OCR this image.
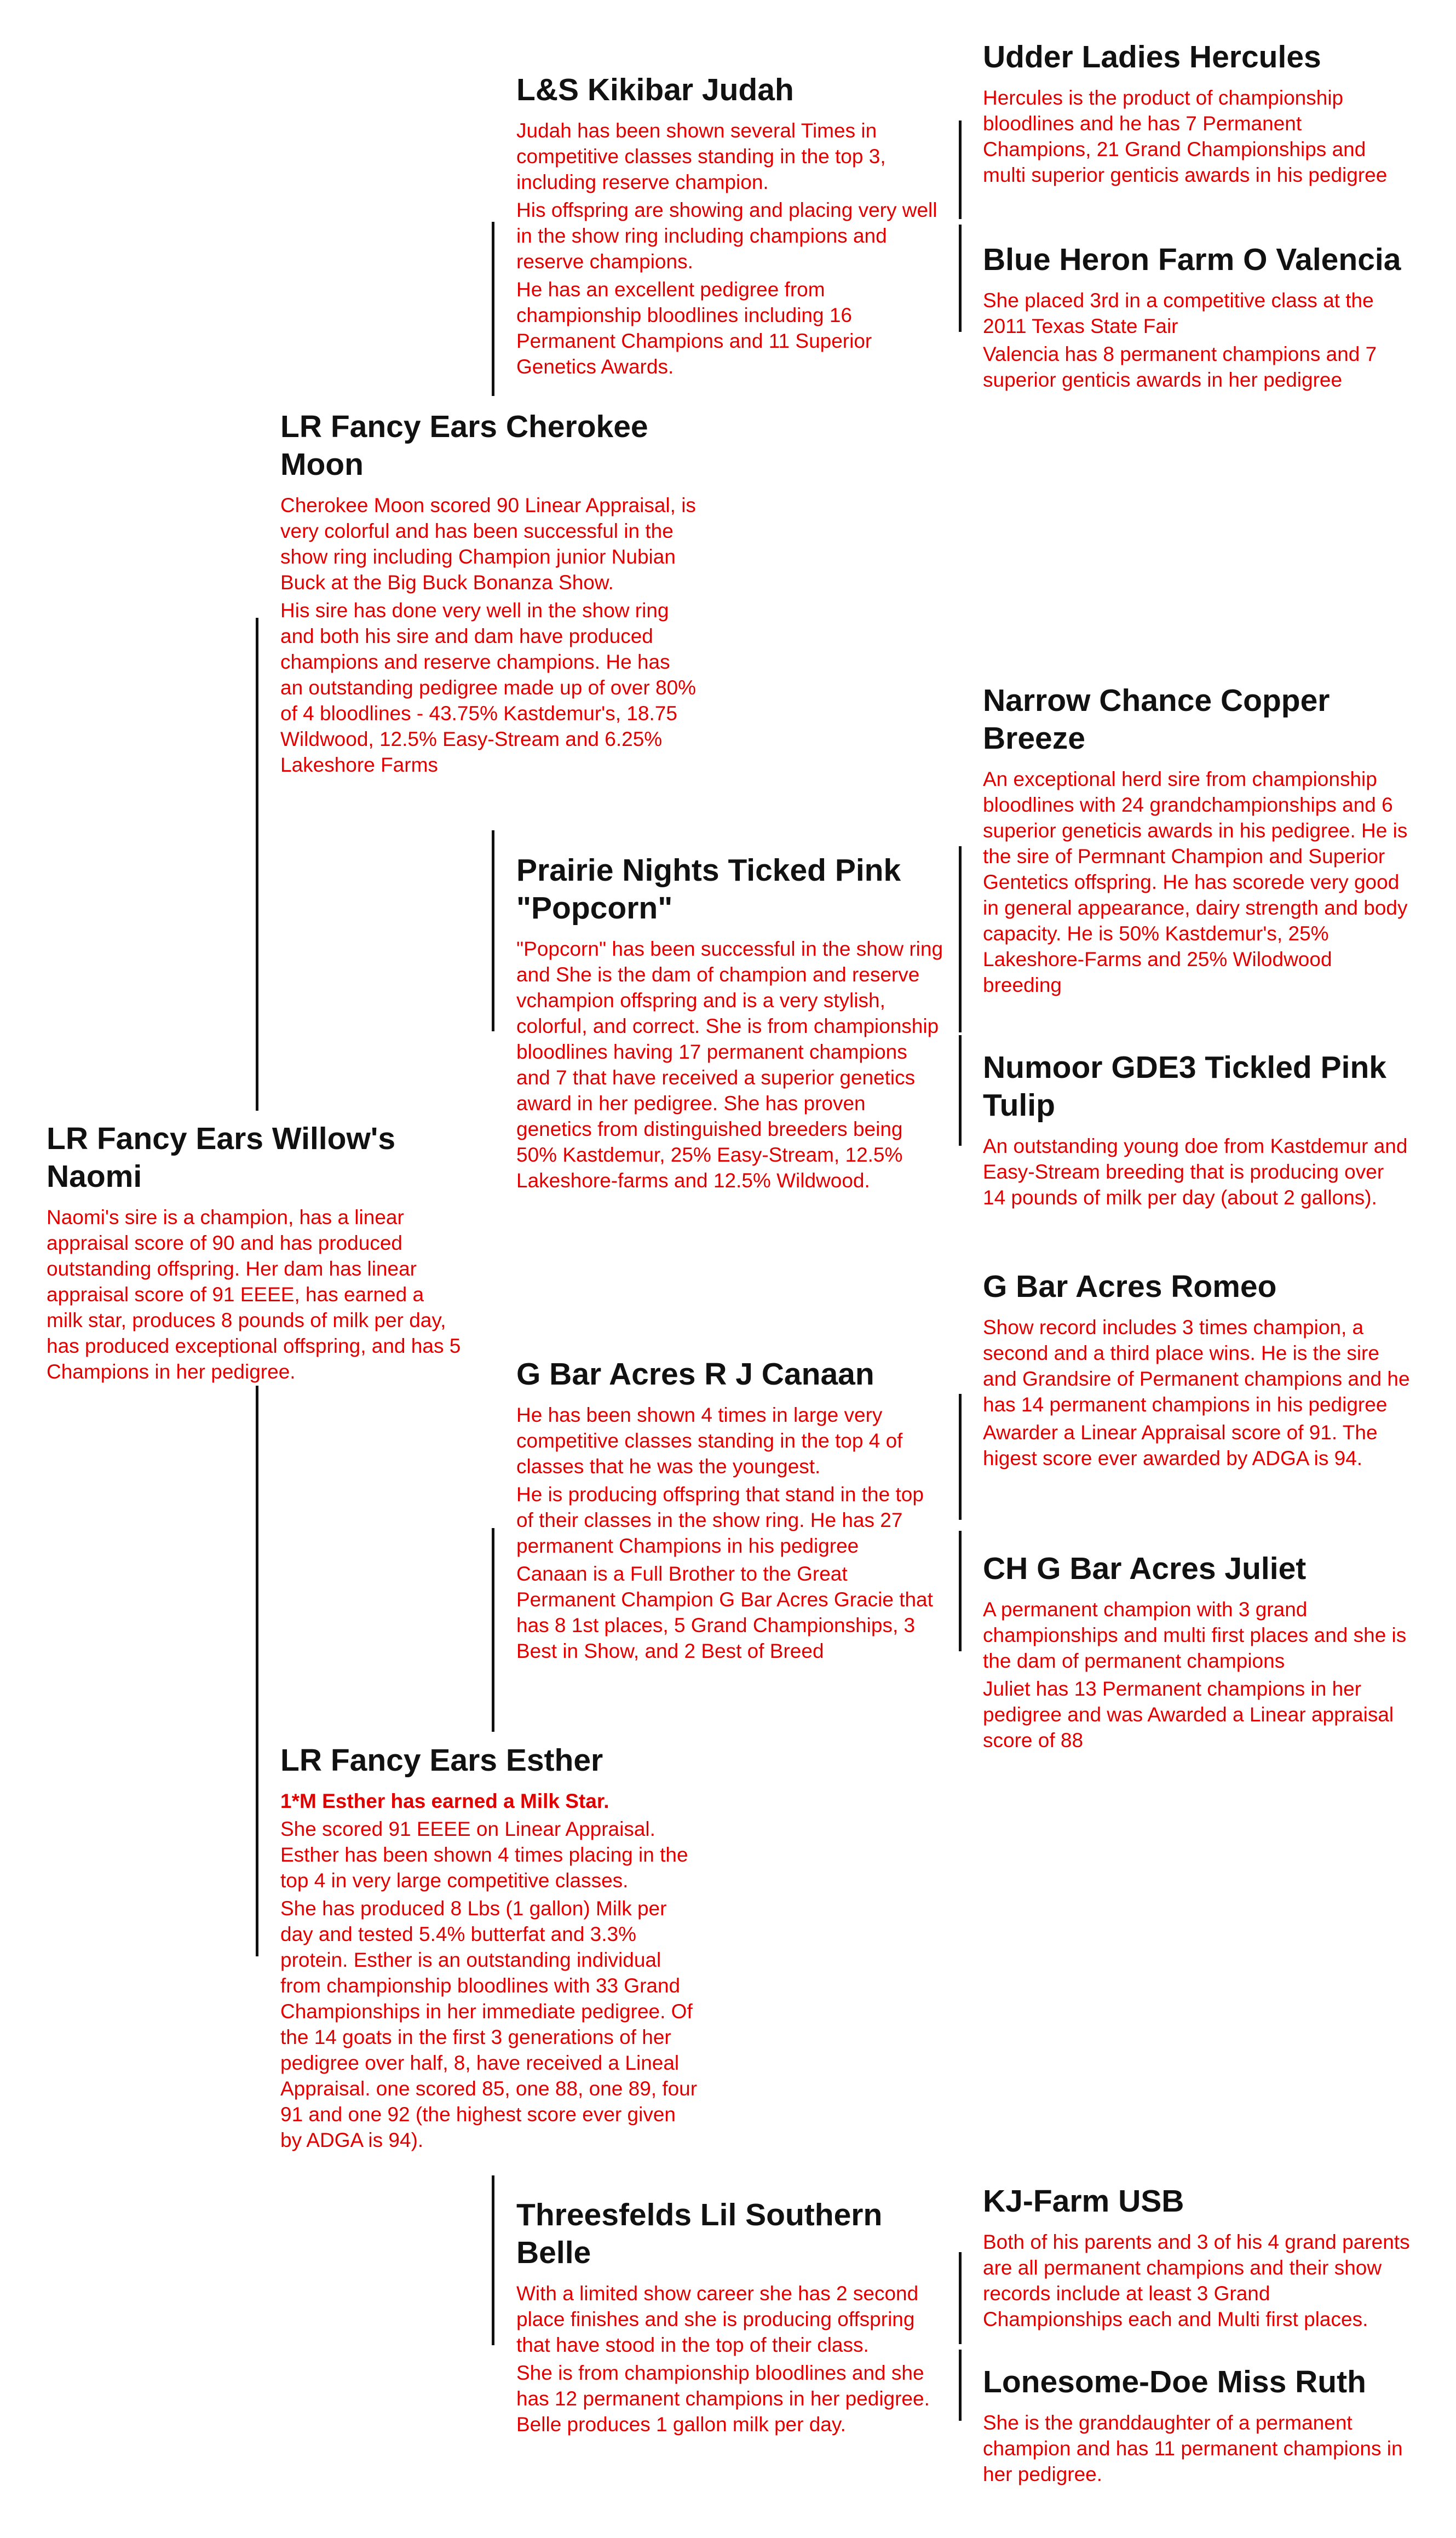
LR Fancy Ears Willow's Naomi
Naomi's sire is a champion, has a linear appraisal score of 90 and has produced outstanding offspring. Her dam has linear appraisal score of 91 EEEE, has earned a milk star, produces 8 pounds of milk per day, has produced exceptional offspring, and has 5 Champions in her pedigree.
LR Fancy Ears Cherokee Moon
Cherokee Moon scored 90 Linear Appraisal, is very colorful and has been successful in the show ring including Champion junior Nubian Buck at the Big Buck Bonanza Show.
His sire has done very well in the show ring and both his sire and dam have produced champions and reserve champions. He has an outstanding pedigree made up of over 80% of 4 bloodlines - 43.75% Kastdemur's, 18.75 Wildwood, 12.5% Easy-Stream and 6.25% Lakeshore Farms
LR Fancy Ears Esther
1*M Esther has earned a Milk Star.
She scored 91 EEEE on Linear Appraisal. Esther has been shown 4 times placing in the top 4 in very large competitive classes.
She has produced 8 Lbs (1 gallon) Milk per day and tested 5.4% butterfat and 3.3% protein. Esther is an outstanding individual from championship bloodlines with 33 Grand Championships in her immediate pedigree. Of the 14 goats in the first 3 generations of her pedigree over half, 8, have received a Lineal Appraisal. one scored 85, one 88, one 89, four 91 and one 92 (the highest score ever given by ADGA is 94).
L&S Kikibar Judah
Judah has been shown several Times in competitive classes standing in the top 3, including reserve champion.
His offspring are showing and placing very well in the show ring including champions and reserve champions.
He has an excellent pedigree from championship bloodlines including 16 Permanent Champions and 11 Superior Genetics Awards.
Prairie Nights Ticked Pink "Popcorn"
"Popcorn" has been successful in the show ring and She is the dam of champion and reserve vchampion offspring and is a very stylish, colorful, and correct. She is from championship bloodlines having 17 permanent champions and 7 that have received a superior genetics award in her pedigree. She has proven genetics from distinguished breeders being 50% Kastdemur, 25% Easy-Stream, 12.5% Lakeshore-farms and 12.5% Wildwood.
G Bar Acres R J Canaan
He has been shown 4 times in large very competitive classes standing in the top 4 of classes that he was the youngest.
He is producing offspring that stand in the top of their classes in the show ring. He has 27 permanent Champions in his pedigree
Canaan is a Full Brother to the Great Permanent Champion G Bar Acres Gracie that has 8 1st places, 5 Grand Championships, 3 Best in Show, and 2 Best of Breed
Threesfelds Lil Southern Belle
With a limited show career she has 2 second place finishes and she is producing offspring that have stood in the top of their class.
She is from championship bloodlines and she has 12 permanent champions in her pedigree. Belle produces 1 gallon milk per day.
Udder Ladies Hercules
Hercules is the product of championship bloodlines and he has 7 Permanent Champions, 21 Grand Championships and multi superior genticis awards in his pedigree
Blue Heron Farm O Valencia
She placed 3rd in a competitive class at the 2011 Texas State Fair
Valencia has 8 permanent champions and 7 superior genticis awards in her pedigree
Narrow Chance Copper Breeze
An exceptional herd sire from championship bloodlines with 24 grandchampionships and 6 superior geneticis awards in his pedigree. He is the sire of Permnant Champion and Superior Gentetics offspring. He has scorede very good in general appearance, dairy strength and body capacity. He is 50% Kastdemur's, 25% Lakeshore-Farms and 25% Wilodwood breeding
Numoor GDE3 Tickled Pink Tulip
An outstanding young doe from Kastdemur and Easy-Stream breeding that is producing over 14 pounds of milk per day (about 2 gallons).
G Bar Acres Romeo
Show record includes 3 times champion, a second and a third place wins. He is the sire and Grandsire of Permanent champions and he has 14 permanent champions in his pedigree
Awarder a Linear Appraisal score of 91. The higest score ever awarded by ADGA is 94.
CH G Bar Acres Juliet
A permanent champion with 3 grand championships and multi first places and she is the dam of permanent champions
Juliet has 13 Permanent champions in her pedigree and was Awarded a Linear appraisal score of 88
KJ-Farm USB
Both of his parents and 3 of his 4 grand parents are all permanent champions and their show records include at least 3 Grand Championships each and Multi first places.
Lonesome-Doe Miss Ruth
She is the granddaughter of a permanent champion and has 11 permanent champions in her pedigree.
